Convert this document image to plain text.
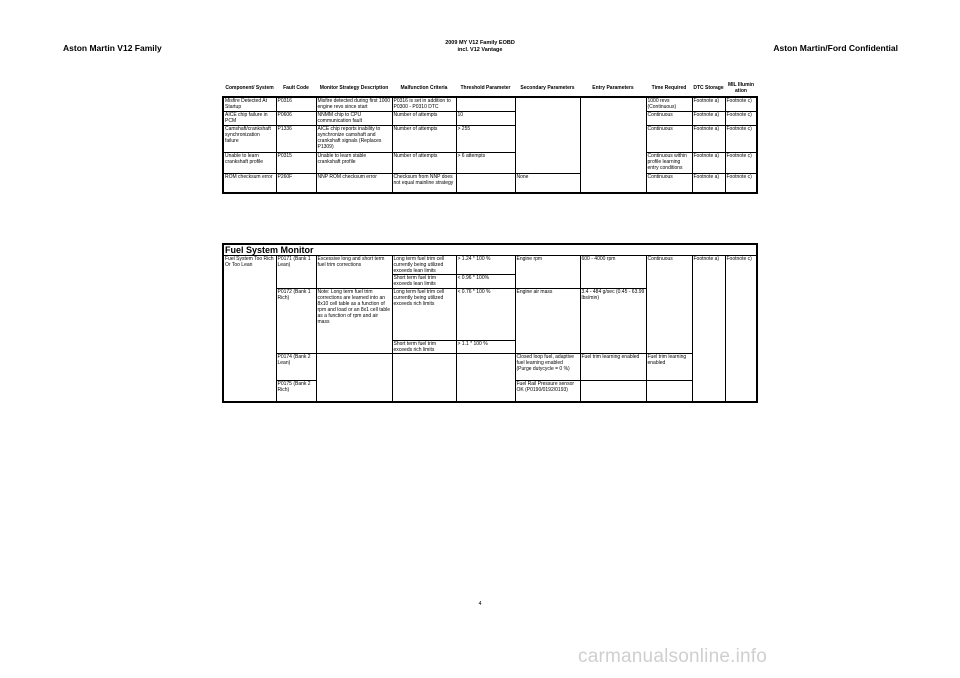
Aston Martin V12 Family	2009 MY V12 Family EOBD
incl. V12 Vantage	Aston Martin/Ford Confidential
Component/ System	Fault Code	Monitor Strategy Description	Malfunction Criteria	Threshold Parameter	Secondary Parameters	Entry Parameters	Time Required	DTC Storage	MIL Illumin ation
Misfire Detected At Startup	P0316	Misfire detected during first 1000 engine revs since start	P0316 is set in addition to P0300 - P0310 DTC				1000 revs (Continuous)	Footnote a)	Footnote c)
AICE chip failure in PCM	P0606	NNMM chip to CPU communication fault	Number of attempts	10			Continuous	Footnote a)	Footnote c)
Camshaft/crankshaft synchronization failure	P1336	AICE chip reports inability to synchronize camshaft and crankshaft signals (Replaces P1309)	Number of attempts	> 255			Continuous	Footnote a)	Footnote c)
Unable to learn crankshaft profile	P0315	Unable to learn stable crankshaft profile	Number of attempts	> 6 attempts			Continuous within profile learning entry conditions	Footnote a)	Footnote c)
ROM checksum error	P260F	NNP ROM checksum error	Checksum from NNP does not equal mainline strategy		None		Continuous	Footnote a)	Footnote c)
Fuel System Monitor									
Fuel System Too Rich Or Too Lean	P0171 (Bank 1 Lean)	Excessive long and short term fuel trim corrections	Long term fuel trim cell currently being utilized exceeds lean limits	> 1.24 * 100 %	Engine rpm	600 - 4000 rpm	Continuous	Footnote a)	Footnote c)
			Short term fuel trim exceeds lean limits	< 0.96 * 100%					
	P0172 (Bank 1 Rich)	Note: Long term fuel trim corrections are learned into an 8x10 cell table as a function of rpm and load or an 8x1 cell table as a function of rpm and air mass	Long term fuel trim cell currently being utilized exceeds rich limits	< 0.76 * 100 %	Engine air mass	3.4 - 484 g/sec (0.45 - 63.99 lbs/min)			
			Short term fuel trim exceeds rich limits	> 1.1 * 100 %					
	P0174 (Bank 2 Lean)				Closed loop fuel, adaptive fuel learning enabled (Purge dutycycle = 0 %)	Fuel trim learning enabled	Fuel trim learning enabled		
	P0175 (Bank 2 Rich)				Fuel Rail Pressure sensor OK (P0190/0192/0193)				
4
carmanualsonline.info
